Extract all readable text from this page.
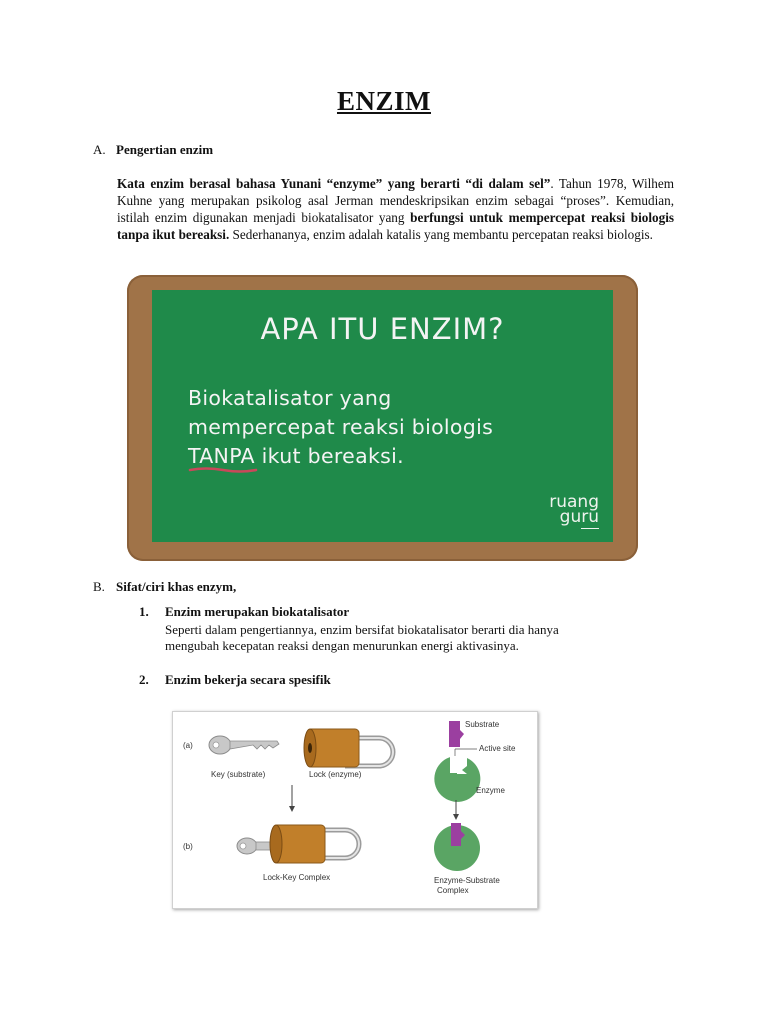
ENZIM
A. Pengertian enzim
Kata enzim berasal bahasa Yunani “enzyme” yang berarti “di dalam sel”. Tahun 1978, Wilhem Kuhne yang merupakan psikolog asal Jerman mendeskripsikan enzim sebagai “proses”. Kemudian, istilah enzim digunakan menjadi biokatalisator yang berfungsi untuk mempercepat reaksi biologis tanpa ikut bereaksi. Sederhananya, enzim adalah katalis yang membantu percepatan reaksi biologis.
APA ITU ENZIM?
Biokatalisator yang
mempercepat reaksi biologis
TANPA ikut bereaksi.
ruang
guru
B. Sifat/ciri khas enzym,
1. Enzim merupakan biokatalisator
Seperti dalam pengertiannya, enzim bersifat biokatalisator berarti dia hanya
mengubah kecepatan reaksi dengan menurunkan energi aktivasinya.
2. Enzim bekerja secara spesifik
(a)
(b)
Key (substrate)	Lock (enzyme)
Lock-Key Complex
Substrate
Active site
Enzyme
Enzyme-Substrate
Complex
